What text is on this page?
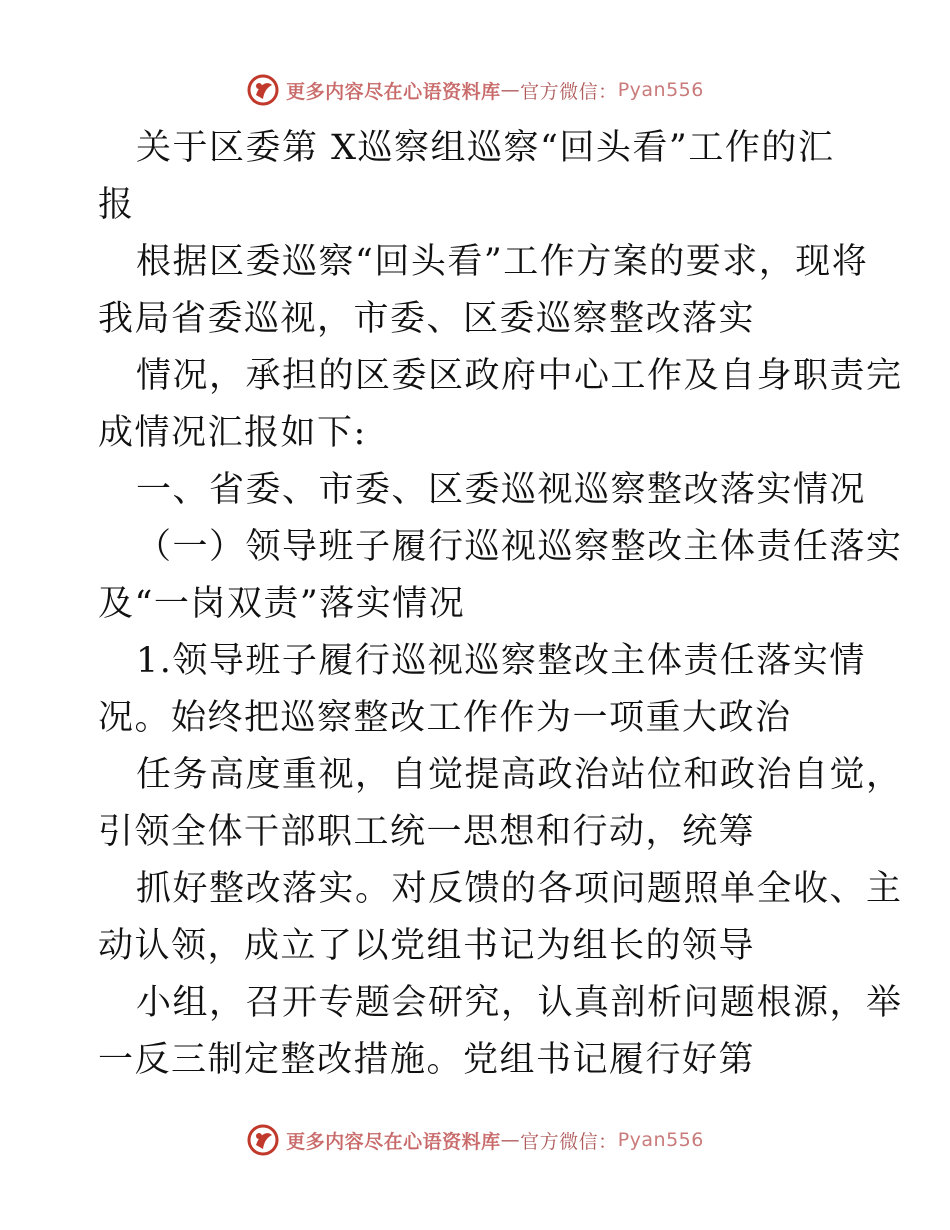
更多内容尽在心语资料库 — 官方微信： Pyan556
关于区委第 X巡察组巡察“回头看”工作的汇
报
根据区委巡察“回头看”工作方案的要求，现将
我局省委巡视，市委、区委巡察整改落实
情况，承担的区委区政府中心工作及自身职责完
成情况汇报如下:
一、省委、市委、区委巡视巡察整改落实情况
（一）领导班子履行巡视巡察整改主体责任落实
及“一岗双责”落实情况
1.领导班子履行巡视巡察整改主体责任落实情
况。始终把巡察整改工作作为一项重大政治
任务高度重视，自觉提高政治站位和政治自觉，
引领全体干部职工统一思想和行动，统筹
抓好整改落实。对反馈的各项问题照单全收、主
动认领，成立了以党组书记为组长的领导
小组，召开专题会研究，认真剖析问题根源，举
一反三制定整改措施。党组书记履行好第
更多内容尽在心语资料库 — 官方微信： Pyan556
